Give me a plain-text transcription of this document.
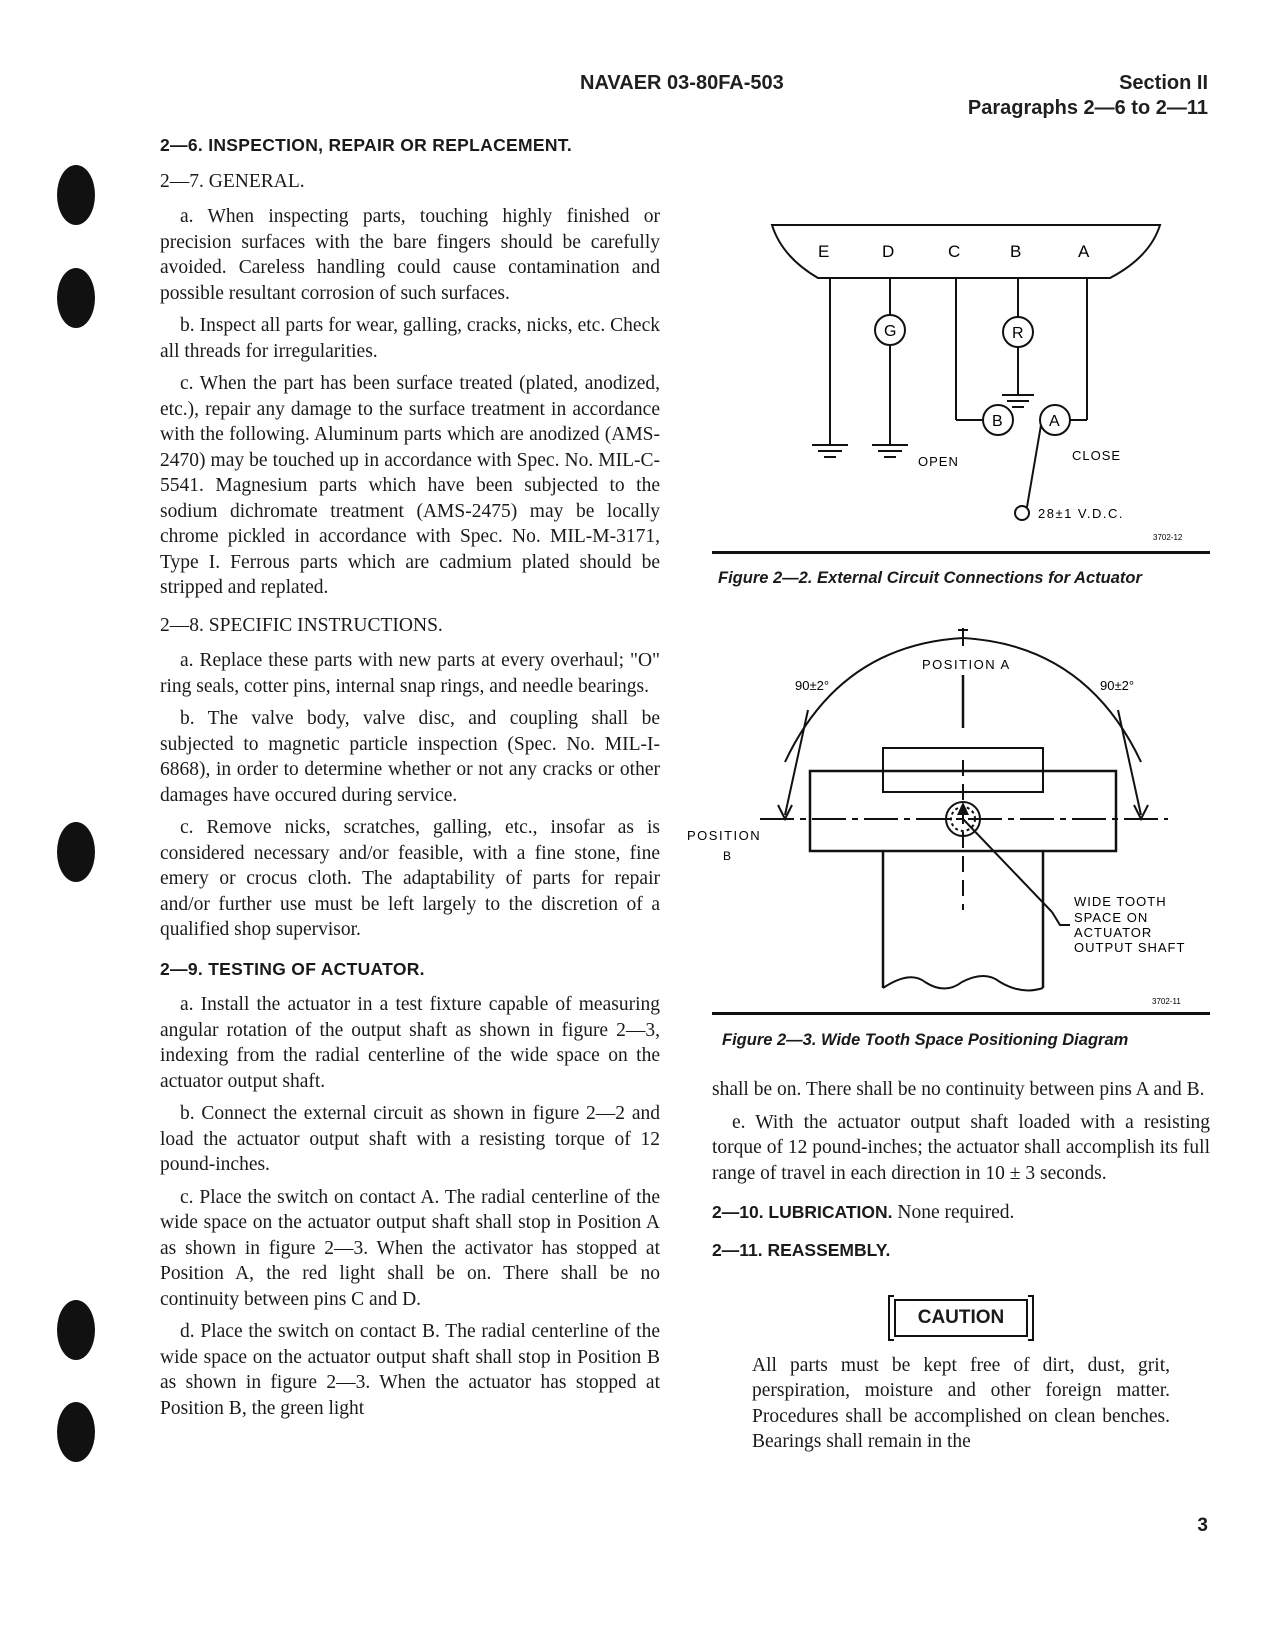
NAVAER 03-80FA-503	Section II
Paragraphs 2—6 to 2—11
2—6. INSPECTION, REPAIR OR REPLACEMENT.
2—7. GENERAL.

a. When inspecting parts, touching highly finished or precision surfaces with the bare fingers should be carefully avoided. Careless handling could cause contamination and possible resultant corrosion of such surfaces.

b. Inspect all parts for wear, galling, cracks, nicks, etc. Check all threads for irregularities.

c. When the part has been surface treated (plated, anodized, etc.), repair any damage to the surface treatment in accordance with the following. Aluminum parts which are anodized (AMS-2470) may be touched up in accordance with Spec. No. MIL-C-5541. Magnesium parts which have been subjected to the sodium dichromate treatment (AMS-2475) may be locally chrome pickled in accordance with Spec. No. MIL-M-3171, Type I. Ferrous parts which are cadmium plated should be stripped and replated.

2—8. SPECIFIC INSTRUCTIONS.

a. Replace these parts with new parts at every overhaul; "O" ring seals, cotter pins, internal snap rings, and needle bearings.

b. The valve body, valve disc, and coupling shall be subjected to magnetic particle inspection (Spec. No. MIL-I-6868), in order to determine whether or not any cracks or other damages have occured during service.

c. Remove nicks, scratches, galling, etc., insofar as is considered necessary and/or feasible, with a fine stone, fine emery or crocus cloth. The adaptability of parts for repair and/or further use must be left largely to the discretion of a qualified shop supervisor.

2—9. TESTING OF ACTUATOR.

a. Install the actuator in a test fixture capable of measuring angular rotation of the output shaft as shown in figure 2—3, indexing from the radial centerline of the wide space on the actuator output shaft.

b. Connect the external circuit as shown in figure 2—2 and load the actuator output shaft with a resisting torque of 12 pound-inches.

c. Place the switch on contact A. The radial centerline of the wide space on the actuator output shaft shall stop in Position A as shown in figure 2—3. When the activator has stopped at Position A, the red light shall be on. There shall be no continuity between pins C and D.

d. Place the switch on contact B. The radial centerline of the wide space on the actuator output shaft shall stop in Position B as shown in figure 2—3. When the actuator has stopped at Position B, the green light

E	D	C	B	A
G	R
B	A
OPEN	CLOSE
28±1 V.D.C.
3702-12
Figure 2—2. External Circuit Connections for Actuator
POSITION A
90±2°	90±2°
POSITION
B
WIDE TOOTH
SPACE ON
ACTUATOR
OUTPUT SHAFT
3702-11
Figure 2—3. Wide Tooth Space Positioning Diagram

shall be on. There shall be no continuity between pins A and B.

e. With the actuator output shaft loaded with a resisting torque of 12 pound-inches; the actuator shall accomplish its full range of travel in each direction in 10 ± 3 seconds.

2—10. LUBRICATION. None required.
2—11. REASSEMBLY.
CAUTION

All parts must be kept free of dirt, dust, grit, perspiration, moisture and other foreign matter. Procedures shall be accomplished on clean benches. Bearings shall remain in the

3
